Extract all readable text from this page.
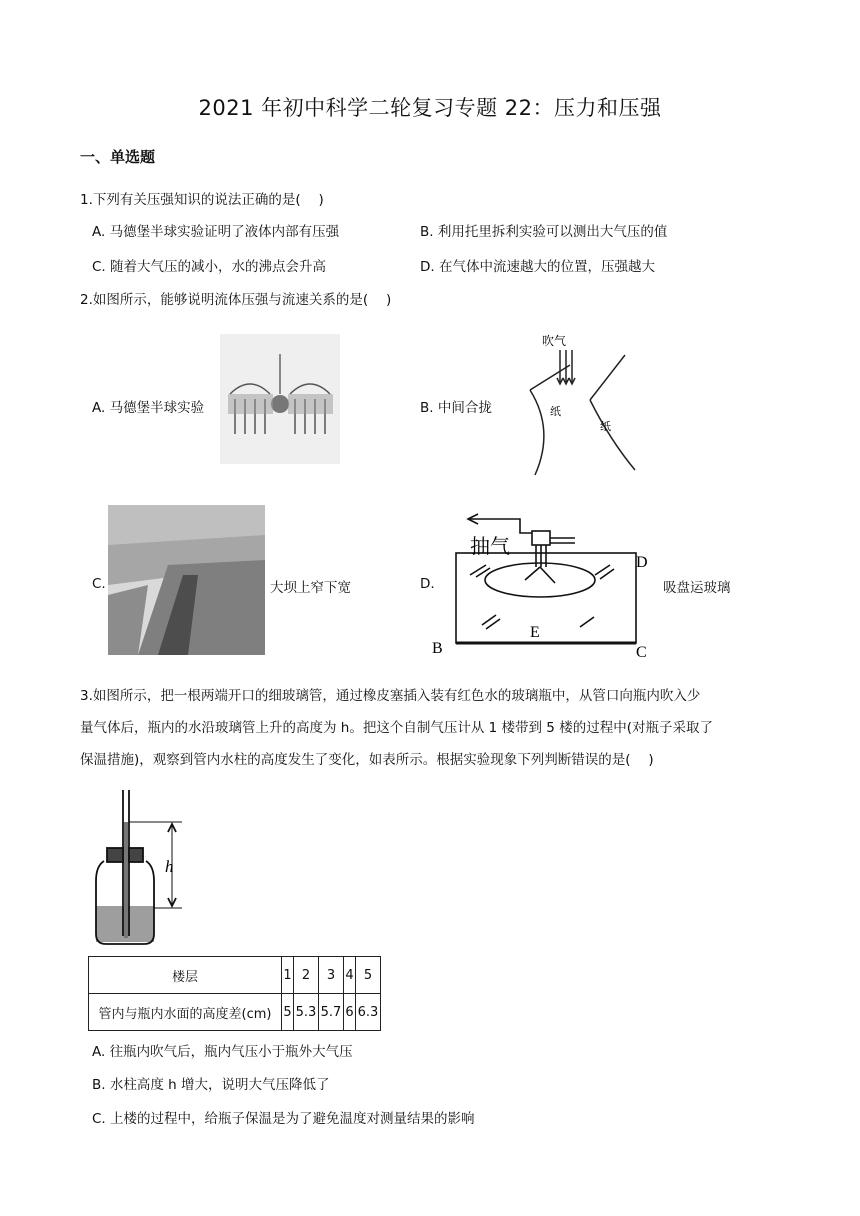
2021 年初中科学二轮复习专题 22：压力和压强
一、单选题
1.下列有关压强知识的说法正确的是(　 )
A. 马德堡半球实验证明了液体内部有压强	B. 利用托里拆利实验可以测出大气压的值
C. 随着大气压的减小，水的沸点会升高	D. 在气体中流速越大的位置，压强越大
2.如图所示，能够说明流体压强与流速关系的是(　 )
A. 马德堡半球实验	B. 中间合拢
吹气
纸
纸
C.	大坝上窄下宽	D.
抽气
B	C
D
E
吸盘运玻璃
3.如图所示，把一根两端开口的细玻璃管，通过橡皮塞插入装有红色水的玻璃瓶中，从管口向瓶内吹入少
量气体后，瓶内的水沿玻璃管上升的高度为 h。把这个自制气压计从 1 楼带到 5 楼的过程中(对瓶子采取了
保温措施)，观察到管内水柱的高度发生了变化，如表所示。根据实验现象下列判断错误的是(　 )
h
楼层	1	2	3	4	5
管内与瓶内水面的高度差(cm)	5	5.3	5.7	6	6.3
A. 往瓶内吹气后，瓶内气压小于瓶外大气压
B. 水柱高度 h 增大，说明大气压降低了
C. 上楼的过程中，给瓶子保温是为了避免温度对测量结果的影响
